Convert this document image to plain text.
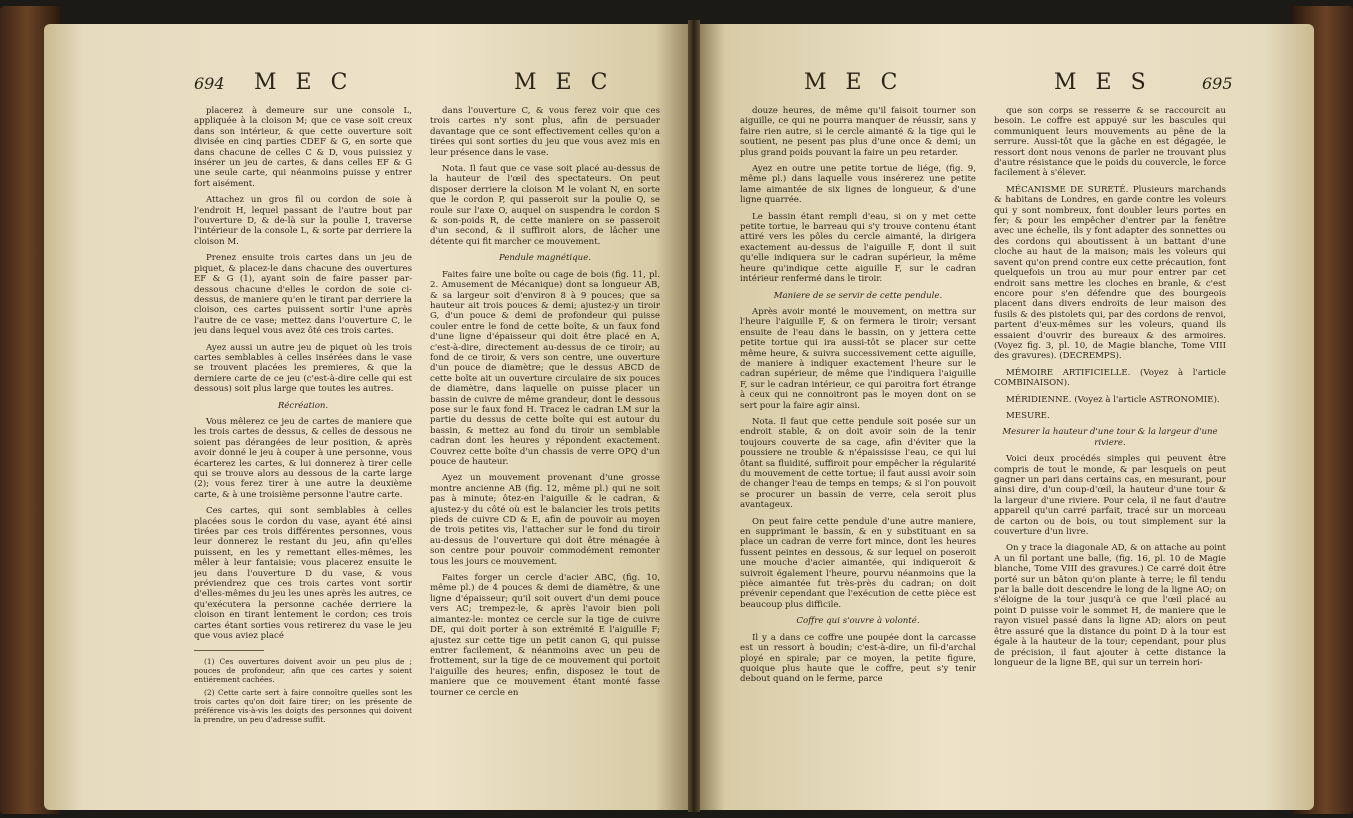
694 M E C	M E C

placerez à demeure sur une console L, appliquée à la cloison M; que ce vase soit creux dans son intérieur, & que cette ouverture soit divisée en cinq parties CDEF & G, en sorte que dans chacune de celles C & D, vous puissiez y insérer un jeu de cartes, & dans celles EF & G une seule carte, qui néanmoins puisse y entrer fort aisément.

Attachez un gros fil ou cordon de soie à l'endroit H, lequel passant de l'autre bout par l'ouverture D, & de-là sur la poulie I, traverse l'intérieur de la console L, & sorte par derriere la cloison M.

Prenez ensuite trois cartes dans un jeu de piquet, & placez-le dans chacune des ouvertures EF & G (1), ayant soin de faire passer par-dessous chacune d'elles le cordon de soie ci-dessus, de maniere qu'en le tirant par derriere la cloison, ces cartes puissent sortir l'une après l'autre de ce vase; mettez dans l'ouverture C, le jeu dans lequel vous avez ôté ces trois cartes.

Ayez aussi un autre jeu de piquet où les trois cartes semblables à celles insérées dans le vase se trouvent placées les premieres, & que la derniere carte de ce jeu (c'est-à-dire celle qui est dessous) soit plus large que toutes les autres.

Récréation.

Vous mêlerez ce jeu de cartes de maniere que les trois cartes de dessus, & celles de dessous ne soient pas dérangées de leur position, & après avoir donné le jeu à couper à une personne, vous écarterez les cartes, & lui donnerez à tirer celle qui se trouve alors au dessous de la carte large (2); vous ferez tirer à une autre la deuxième carte, & à une troisième personne l'autre carte.

Ces cartes, qui sont semblables à celles placées sous le cordon du vase, ayant été ainsi tirées par ces trois différentes personnes, vous leur donnerez le restant du jeu, afin qu'elles puissent, en les y remettant elles-mêmes, les mêler à leur fantaisie; vous placerez ensuite le jeu dans l'ouverture D du vase, & vous préviendrez que ces trois cartes vont sortir d'elles-mêmes du jeu les unes après les autres, ce qu'exécutera la personne cachée derriere la cloison en tirant lentement le cordon; ces trois cartes étant sorties vous retirerez du vase le jeu que vous aviez placé

(1) Ces ouvertures doivent avoir un peu plus de ; pouces de profondeur, afin que ces cartes y soient entiérement cachées.

(2) Cette carte sert à faire connoître quelles sont les trois cartes qu'on doit faire tirer; on les présente de préférence vis-à-vis les doigts des personnes qui doivent la prendre, un peu d'adresse suffit.

dans l'ouverture C, & vous ferez voir que ces trois cartes n'y sont plus, afin de persuader davantage que ce sont effectivement celles qu'on a tirées qui sont sorties du jeu que vous avez mis en leur présence dans le vase.

Nota. Il faut que ce vase soit placé au-dessus de la hauteur de l'œil des spectateurs. On peut disposer derriere la cloison M le volant N, en sorte que le cordon P, qui passeroit sur la poulie Q, se roule sur l'axe O, auquel on suspendra le cordon S & son-poids R, de cette maniere on se passeroit d'un second, & il suffiroit alors, de lâcher une détente qui fit marcher ce mouvement.

Pendule magnétique.

Faites faire une boîte ou cage de bois (fig. 11, pl. 2. Amusement de Mécanique) dont sa longueur AB, & sa largeur soit d'environ 8 à 9 pouces; que sa hauteur ait trois pouces & demi; ajustez-y un tiroir G, d'un pouce & demi de profondeur qui puisse couler entre le fond de cette boîte, & un faux fond d'une ligne d'épaisseur qui doit être placé en A, c'est-à-dire, directement au-dessus de ce tiroir; au fond de ce tiroir, & vers son centre, une ouverture d'un pouce de diamètre; que le dessus ABCD de cette boîte ait un ouverture circulaire de six pouces de diamètre, dans laquelle on puisse placer un bassin de cuivre de même grandeur, dont le dessous pose sur le faux fond H. Tracez le cadran LM sur la partie du dessus de cette boîte qui est autour du bassin, & mettez au fond du tiroir un semblable cadran dont les heures y répondent exactement. Couvrez cette boîte d'un chassis de verre OPQ d'un pouce de hauteur.

Ayez un mouvement provenant d'une grosse montre ancienne AB (fig. 12, même pl.) qui ne soit pas à minute; ôtez-en l'aiguille & le cadran, & ajustez-y du côté où est le balancier les trois petits pieds de cuivre CD & E, afin de pouvoir au moyen de trois petites vis, l'attacher sur le fond du tiroir au-dessus de l'ouverture qui doit être ménagée à son centre pour pouvoir commodément remonter tous les jours ce mouvement.

Faites forger un cercle d'acier ABC, (fig. 10, même pl.) de 4 pouces & demi de diamètre, & une ligne d'épaisseur; qu'il soit ouvert d'un demi pouce vers AC; trempez-le, & après l'avoir bien poli aimantez-le: montez ce cercle sur la tige de cuivre DE, qui doit porter à son extrémité E l'aiguille F; ajustez sur cette tige un petit canon G, qui puisse entrer facilement, & néanmoins avec un peu de frottement, sur la tige de ce mouvement qui portoit l'aiguille des heures; enfin, disposez le tout de maniere que ce mouvement étant monté fasse tourner ce cercle en

M E C	M E S	695

douze heures, de même qu'il faisoit tourner son aiguille, ce qui ne pourra manquer de réussir, sans y faire rien autre, si le cercle aimanté & la tige qui le soutient, ne pesent pas plus d'une once & demi; un plus grand poids pouvant la faire un peu retarder.

Ayez en outre une petite tortue de liége, (fig. 9, même pl.) dans laquelle vous insérerez une petite lame aimantée de six lignes de longueur, & d'une ligne quarrée.

Le bassin étant rempli d'eau, si on y met cette petite tortue, le barreau qui s'y trouve contenu étant attiré vers les pôles du cercle aimanté, la dirigera exactement au-dessus de l'aiguille F, dont il suit qu'elle indiquera sur le cadran supérieur, la même heure qu'indique cette aiguille F, sur le cadran intérieur renfermé dans le tiroir.

Maniere de se servir de cette pendule.

Après avoir monté le mouvement, on mettra sur l'heure l'aiguille F, & on fermera le tiroir; versant ensuite de l'eau dans le bassin, on y jettera cette petite tortue qui ira aussi-tôt se placer sur cette même heure, & suivra successivement cette aiguille, de maniere à indiquer exactement l'heure sur le cadran supérieur, de même que l'indiquera l'aiguille F, sur le cadran intérieur, ce qui paroitra fort étrange à ceux qui ne connoitront pas le moyen dont on se sert pour la faire agir ainsi.

Nota. Il faut que cette pendule soit posée sur un endroit stable, & on doit avoir soin de la tenir toujours couverte de sa cage, afin d'éviter que la poussiere ne trouble & n'épaississe l'eau, ce qui lui ôtant sa fluidité, suffiroit pour empêcher la régularité du mouvement de cette tortue; il faut aussi avoir soin de changer l'eau de temps en temps; & si l'on pouvoit se procurer un bassin de verre, cela seroit plus avantageux.

On peut faire cette pendule d'une autre maniere, en supprimant le bassin, & en y substituant en sa place un cadran de verre fort mince, dont les heures fussent peintes en dessous, & sur lequel on poseroit une mouche d'acier aimantée, qui indiqueroit & suivroit également l'heure, pourvu néanmoins que la pièce aimantée fut très-près du cadran; on doit prévenir cependant que l'exécution de cette pièce est beaucoup plus difficile.

Coffre qui s'ouvre à volonté.

Il y a dans ce coffre une poupée dont la carcasse est un ressort à boudin; c'est-à-dire, un fil-d'archal ployé en spirale; par ce moyen, la petite figure, quoique plus haute que le coffre, peut s'y tenir debout quand on le ferme, parce

que son corps se resserre & se raccourcit au besoin. Le coffre est appuyé sur les bascules qui communiquent leurs mouvements au pêne de la serrure. Aussi-tôt que la gâche en est dégagée, le ressort dont nous venons de parler ne trouvant plus d'autre résistance que le poids du couvercle, le force facilement à s'élever.

MÉCANISME DE SURETÉ. Plusieurs marchands & habitans de Londres, en garde contre les voleurs qui y sont nombreux, font doubler leurs portes en fer; & pour les empêcher d'entrer par la fenêtre avec une échelle, ils y font adapter des sonnettes ou des cordons qui aboutissent à un battant d'une cloche au haut de la maison; mais les voleurs qui savent qu'on prend contre eux cette précaution, font quelquefois un trou au mur pour entrer par cet endroit sans mettre les cloches en branle, & c'est encore pour s'en défendre que des bourgeois placent dans divers endroits de leur maison des fusils & des pistolets qui, par des cordons de renvoi, partent d'eux-mêmes sur les voleurs, quand ils essaient d'ouvrir des bureaux & des armoires. (Voyez fig. 3, pl. 10, de Magie blanche, Tome VIII des gravures). (DECREMPS).

MÉMOIRE ARTIFICIELLE. (Voyez à l'article COMBINAISON).

MÉRIDIENNE. (Voyez à l'article ASTRONOMIE).

MESURE.

Mesurer la hauteur d'une tour & la largeur d'une riviere.

Voici deux procédés simples qui peuvent être compris de tout le monde, & par lesquels on peut gagner un pari dans certains cas, en mesurant, pour ainsi dire, d'un coup-d'œil, la hauteur d'une tour & la largeur d'une riviere. Pour cela, il ne faut d'autre appareil qu'un carré parfait, tracé sur un morceau de carton ou de bois, ou tout simplement sur la couverture d'un livre.

On y trace la diagonale AD, & on attache au point A un fil portant une balle, (fig. 16, pl. 10 de Magie blanche, Tome VIII des gravures.) Ce carré doit être porté sur un bâton qu'on plante à terre; le fil tendu par la balle doit descendre le long de la ligne AO; on s'éloigne de la tour jusqu'à ce que l'œil placé au point D puisse voir le sommet H, de maniere que le rayon visuel passé dans la ligne AD; alors on peut être assuré que la distance du point D à la tour est égale à la hauteur de la tour; cependant, pour plus de précision, il faut ajouter à cette distance la longueur de la ligne BE, qui sur un terrein hori-
